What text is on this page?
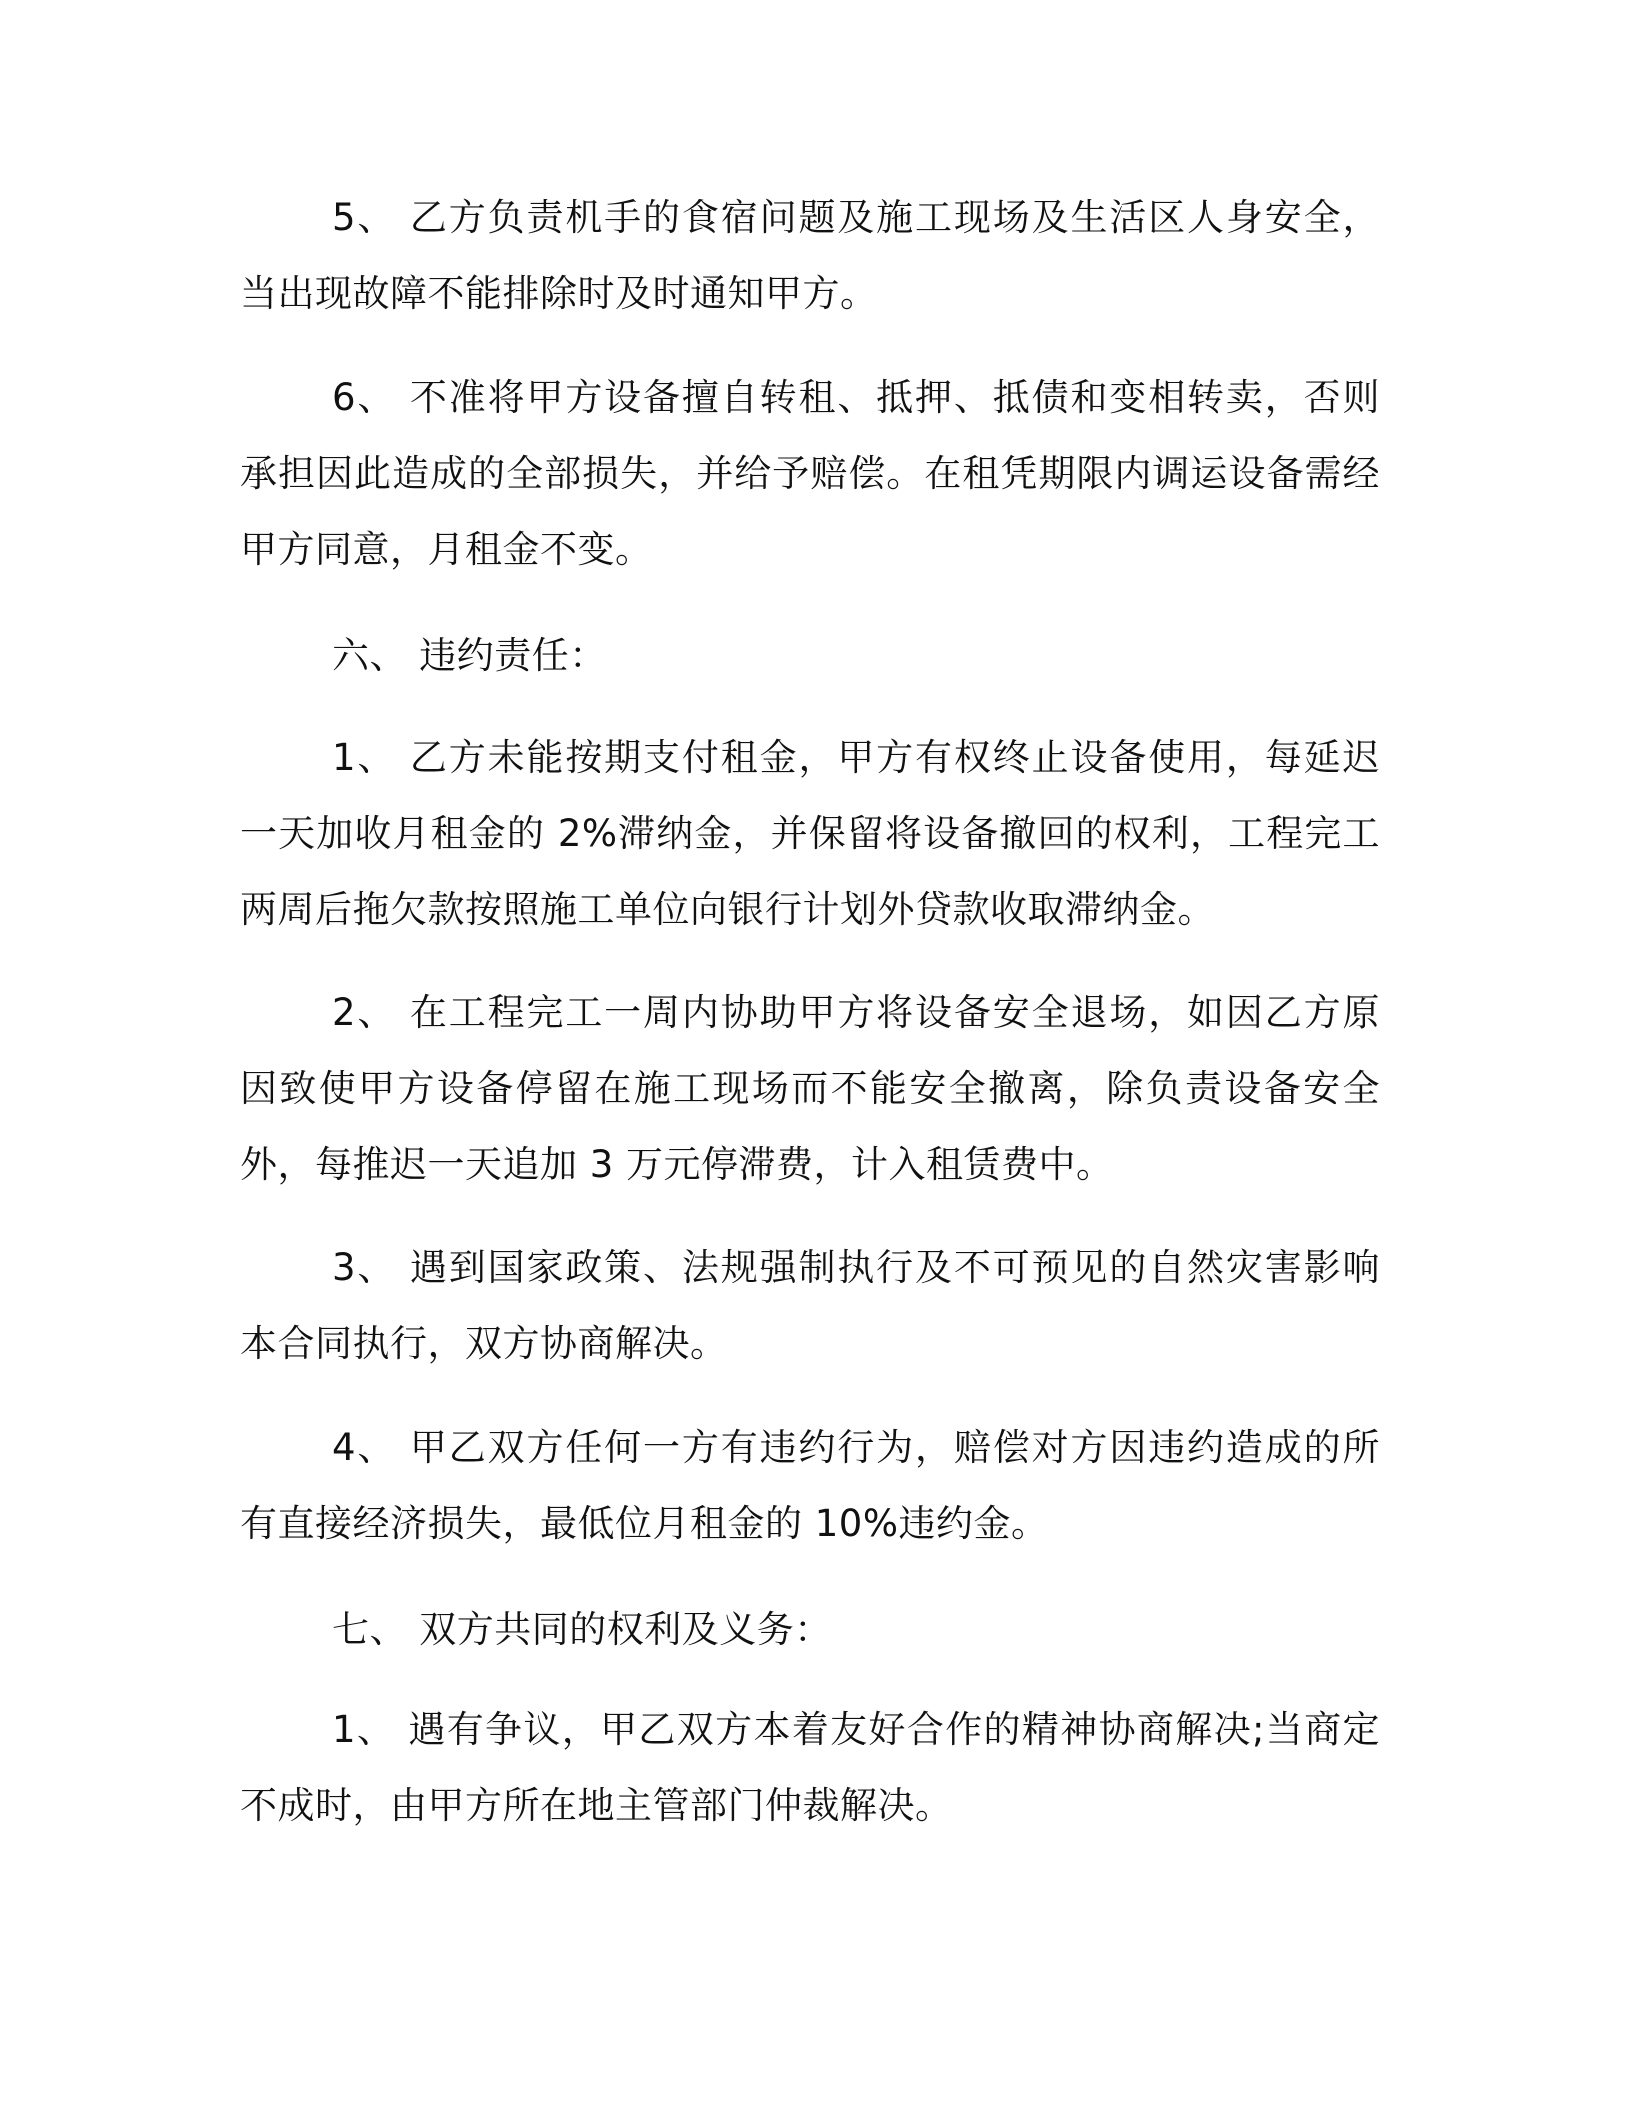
5、 乙方负责机手的食宿问题及施工现场及生活区人身安全，当出现故障不能排除时及时通知甲方。

6、 不准将甲方设备擅自转租、抵押、抵债和变相转卖，否则承担因此造成的全部损失，并给予赔偿。在租凭期限内调运设备需经甲方同意，月租金不变。

六、 违约责任：

1、 乙方未能按期支付租金，甲方有权终止设备使用，每延迟一天加收月租金的 2%滞纳金，并保留将设备撤回的权利，工程完工两周后拖欠款按照施工单位向银行计划外贷款收取滞纳金。

2、 在工程完工一周内协助甲方将设备安全退场，如因乙方原因致使甲方设备停留在施工现场而不能安全撤离，除负责设备安全外，每推迟一天追加 3 万元停滞费，计入租赁费中。

3、 遇到国家政策、法规强制执行及不可预见的自然灾害影响本合同执行，双方协商解决。

4、 甲乙双方任何一方有违约行为，赔偿对方因违约造成的所有直接经济损失，最低位月租金的 10%违约金。

七、 双方共同的权利及义务：

1、 遇有争议，甲乙双方本着友好合作的精神协商解决;当商定不成时，由甲方所在地主管部门仲裁解决。
